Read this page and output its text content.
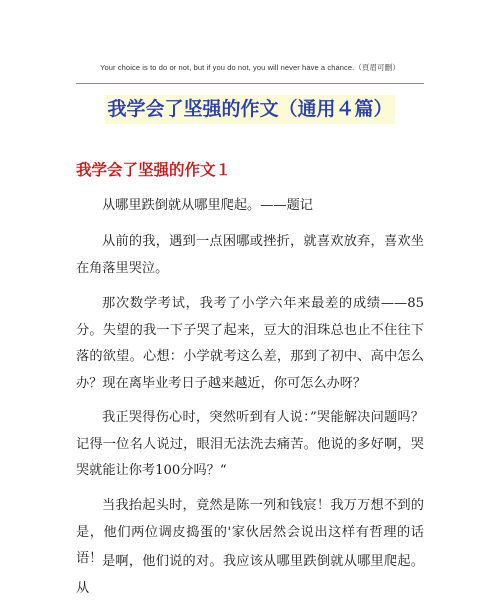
Your choice is to do or not, but if you do not, you will never have a chance.（頁眉可刪）
我学会了坚强的作文（通用４篇）
我学会了坚强的作文１

从哪里跌倒就从哪里爬起。——题记

从前的我，遇到一点困哪或挫折，就喜欢放弃，喜欢坐在角落里哭泣。

那次数学考试，我考了小学六年来最差的成绩——85分。失望的我一下子哭了起来，豆大的泪珠总也止不住往下落的欲望。心想：小学就考这么差，那到了初中、高中怎么办？现在离毕业考日子越来越近，你可怎么办呀？

我正哭得伤心时，突然听到有人说：”哭能解决问题吗？记得一位名人说过，眼泪无法洗去痛苦。他说的多好啊，哭哭就能让你考100分吗？“

当我抬起头时，竟然是陈一列和钱宸！我万万想不到的是，他们两位调皮捣蛋的'家伙居然会说出这样有哲理的话语！ 是啊，他们说的对。我应该从哪里跌倒就从哪里爬起。从
